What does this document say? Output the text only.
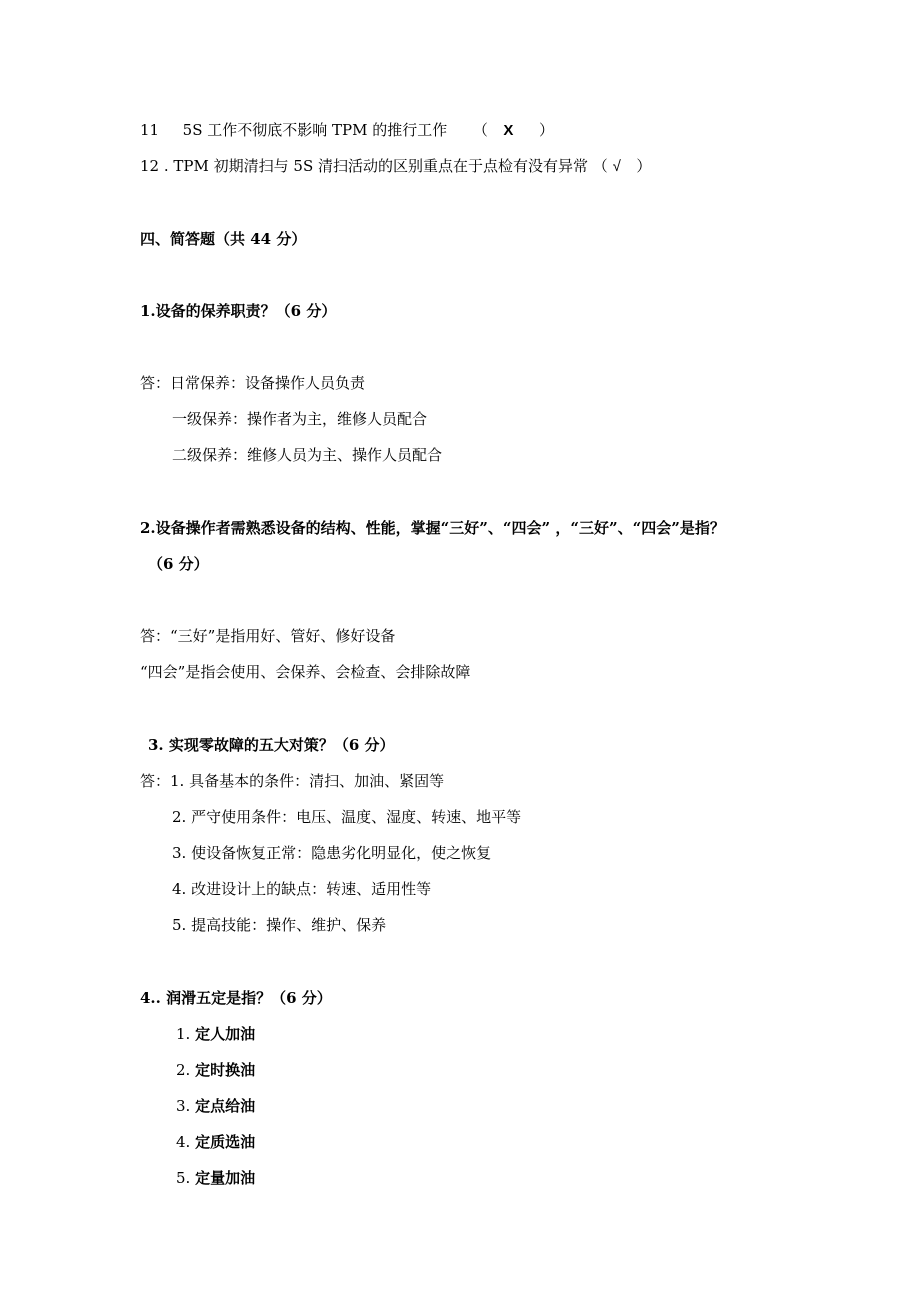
11 5S 工作不彻底不影响 TPM 的推行工作 （ X ）
12 . TPM 初期清扫与 5S 清扫活动的区别重点在于点检有没有异常 （ √ ）
四、简答题（共 44 分）
1.设备的保养职责？（6 分）
答：日常保养：设备操作人员负责
一级保养：操作者为主，维修人员配合
二级保养：维修人员为主、操作人员配合
2.设备操作者需熟悉设备的结构、性能，掌握“三好”、“四会” ，“三好”、“四会”是指？
（6 分）
答：“三好”是指用好、管好、修好设备
“四会”是指会使用、会保养、会检查、会排除故障
3. 实现零故障的五大对策？（6 分）
答：1. 具备基本的条件：清扫、加油、紧固等
2. 严守使用条件：电压、温度、湿度、转速、地平等
3. 使设备恢复正常：隐患劣化明显化，使之恢复
4. 改进设计上的缺点：转速、适用性等
5. 提高技能：操作、维护、保养
4.. 润滑五定是指？（6 分）
1. 定人加油
2. 定时换油
3. 定点给油
4. 定质选油
5. 定量加油
